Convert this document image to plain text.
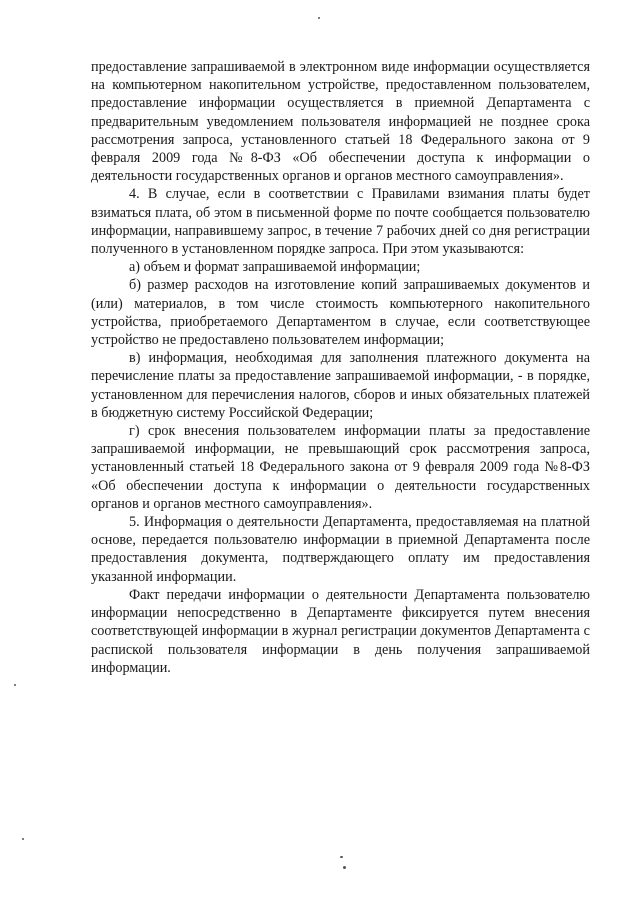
предоставление запрашиваемой в электронном виде информации осуществляется на компьютерном накопительном устройстве, предоставленном пользователем, предоставление информации осуществляется в приемной Департамента с предварительным уведомлением пользователя информацией не позднее срока рассмотрения запроса, установленного статьей 18 Федерального закона от 9 февраля 2009 года №8-ФЗ «Об обеспечении доступа к информации о деятельности государственных органов и органов местного самоуправления».

4. В случае, если в соответствии с Правилами взимания платы будет взиматься плата, об этом в письменной форме по почте сообщается пользователю информации, направившему запрос, в течение 7 рабочих дней со дня регистрации полученного в установленном порядке запроса. При этом указываются:

а) объем и формат запрашиваемой информации;

б) размер расходов на изготовление копий запрашиваемых документов и (или) материалов, в том числе стоимость компьютерного накопительного устройства, приобретаемого Департаментом в случае, если соответствующее устройство не предоставлено пользователем информации;

в) информация, необходимая для заполнения платежного документа на перечисление платы за предоставление запрашиваемой информации, - в порядке, установленном для перечисления налогов, сборов и иных обязательных платежей в бюджетную систему Российской Федерации;

г) срок внесения пользователем информации платы за предоставление запрашиваемой информации, не превышающий срок рассмотрения запроса, установленный статьей 18 Федерального закона от 9 февраля 2009 года №8-ФЗ «Об обеспечении доступа к информации о деятельности государственных органов и органов местного самоуправления».

5. Информация о деятельности Департамента, предоставляемая на платной основе, передается пользователю информации в приемной Департамента после предоставления документа, подтверждающего оплату им предоставления указанной информации.

Факт передачи информации о деятельности Департамента пользователю информации непосредственно в Департаменте фиксируется путем внесения соответствующей информации в журнал регистрации документов Департамента с распиской пользователя информации в день получения запрашиваемой информации.
